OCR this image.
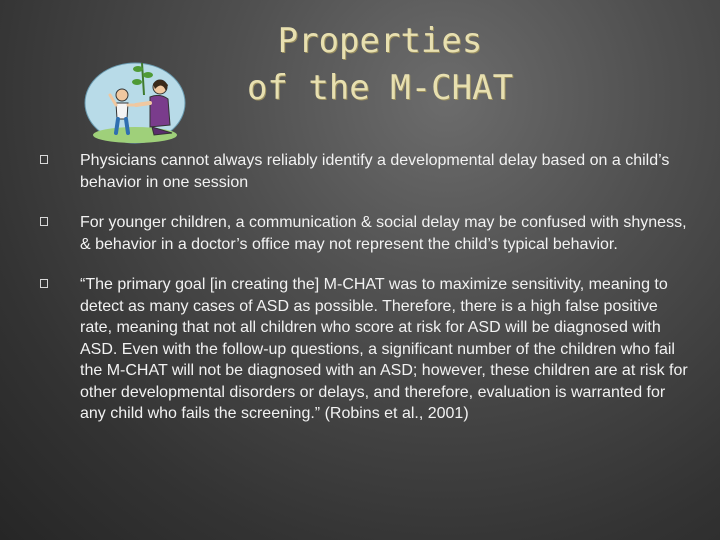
Properties
of the M-CHAT
Physicians cannot always reliably identify a developmental delay based on a child’s behavior in one session
For younger children, a communication & social delay may be confused with shyness, & behavior in a doctor’s office may not represent the child’s typical behavior.
“The primary goal [in creating the] M-CHAT was to maximize sensitivity, meaning to detect as many cases of ASD as possible. Therefore, there is a high false positive rate, meaning that not all children who score at risk for ASD will be diagnosed with ASD. Even with the follow-up questions, a significant number of the children who fail the M-CHAT will not be diagnosed with an ASD; however, these children are at risk for other developmental disorders or delays, and therefore, evaluation is warranted for any child who fails the screening.” (Robins et al., 2001)
